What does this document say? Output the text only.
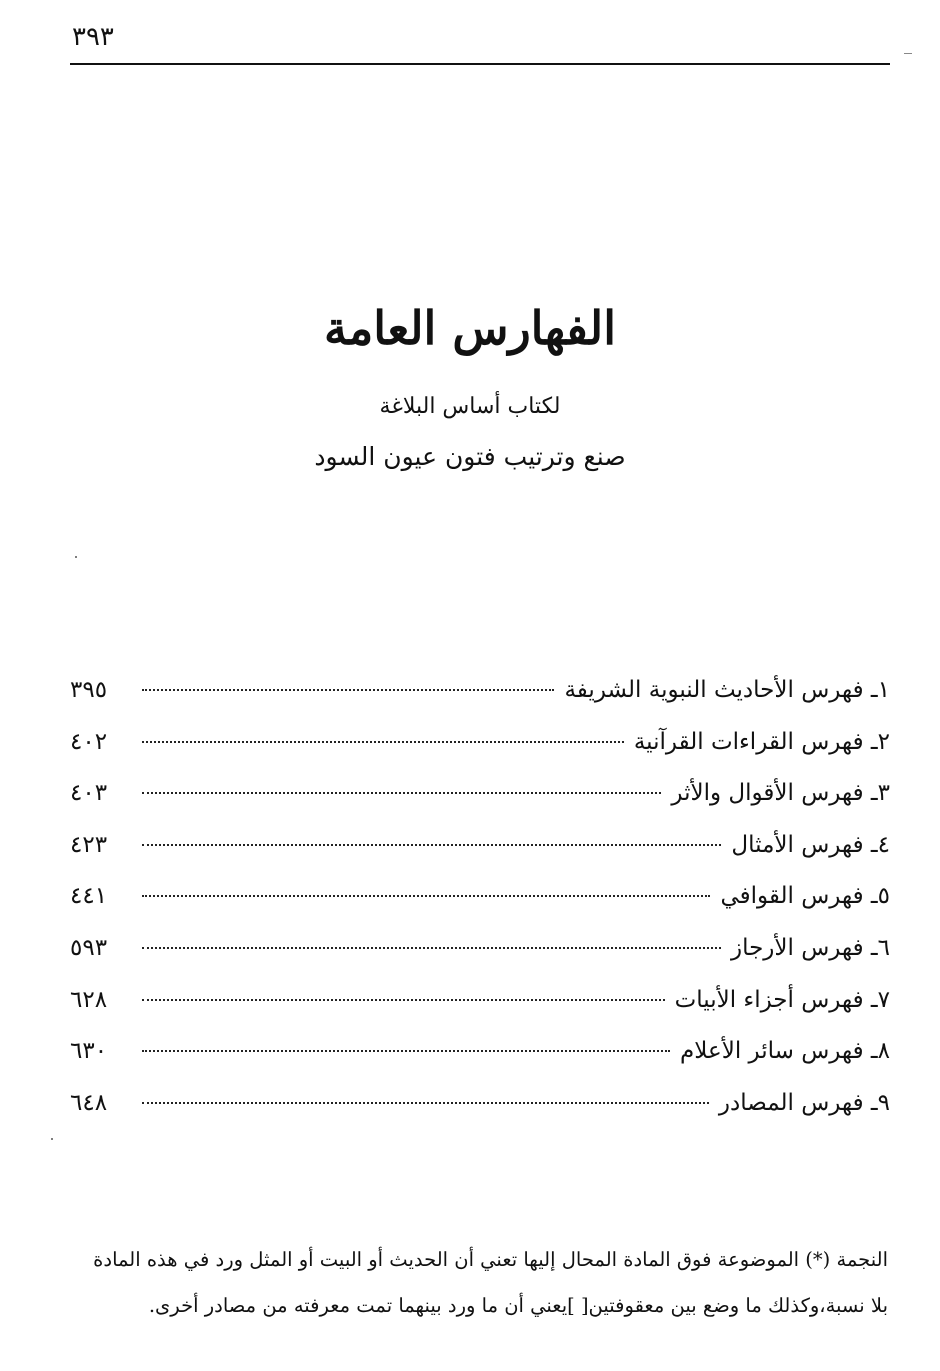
٣٩٣
الفهارس العامة
لكتاب أساس البلاغة
صنع وترتيب فتون عيون السود
١ـ فهرس الأحاديث النبوية الشريفة
٣٩٥
٢ـ فهرس القراءات القرآنية
٤٠٢
٣ـ فهرس الأقوال والأثر
٤٠٣
٤ـ فهرس الأمثال
٤٢٣
٥ـ فهرس القوافي
٤٤١
٦ـ فهرس الأرجاز
٥٩٣
٧ـ فهرس أجزاء الأبيات
٦٢٨
٨ـ فهرس سائر الأعلام
٦٣٠
٩ـ فهرس المصادر
٦٤٨

النجمة (*) الموضوعة فوق المادة المحال إليها تعني أن الحديث أو البيت أو المثل ورد في هذه المادة

بلا نسبة،وكذلك ما وضع بين معقوفتين[ ]يعني أن ما ورد بينهما تمت معرفته من مصادر أخرى.
